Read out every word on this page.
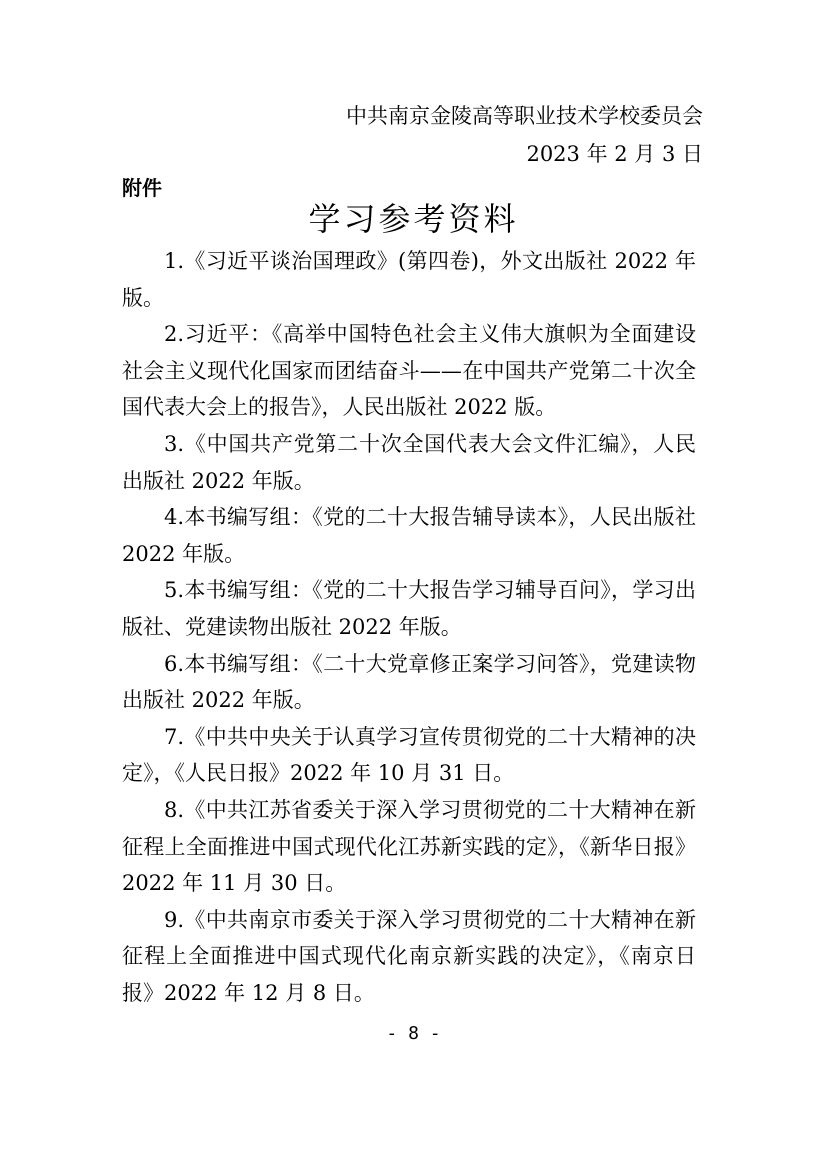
中共南京金陵高等职业技术学校委员会
2023 年 2 月 3 日
附件
学习参考资料
1.《习近平谈治国理政》(第四卷)，外文出版社 2022 年版。
2.习近平：《高举中国特色社会主义伟大旗帜为全面建设社会主义现代化国家而团结奋斗——在中国共产党第二十次全国代表大会上的报告》，人民出版社 2022 版。
3.《中国共产党第二十次全国代表大会文件汇编》，人民出版社 2022 年版。
4.本书编写组：《党的二十大报告辅导读本》，人民出版社 2022 年版。
5.本书编写组：《党的二十大报告学习辅导百问》，学习出版社、党建读物出版社 2022 年版。
6.本书编写组：《二十大党章修正案学习问答》，党建读物出版社 2022 年版。
7.《中共中央关于认真学习宣传贯彻党的二十大精神的决定》，《人民日报》2022 年 10 月 31 日。
8.《中共江苏省委关于深入学习贯彻党的二十大精神在新征程上全面推进中国式现代化江苏新实践的定》，《新华日报》2022 年 11 月 30 日。
9.《中共南京市委关于深入学习贯彻党的二十大精神在新征程上全面推进中国式现代化南京新实践的决定》，《南京日报》2022 年 12 月 8 日。
- 8 -
